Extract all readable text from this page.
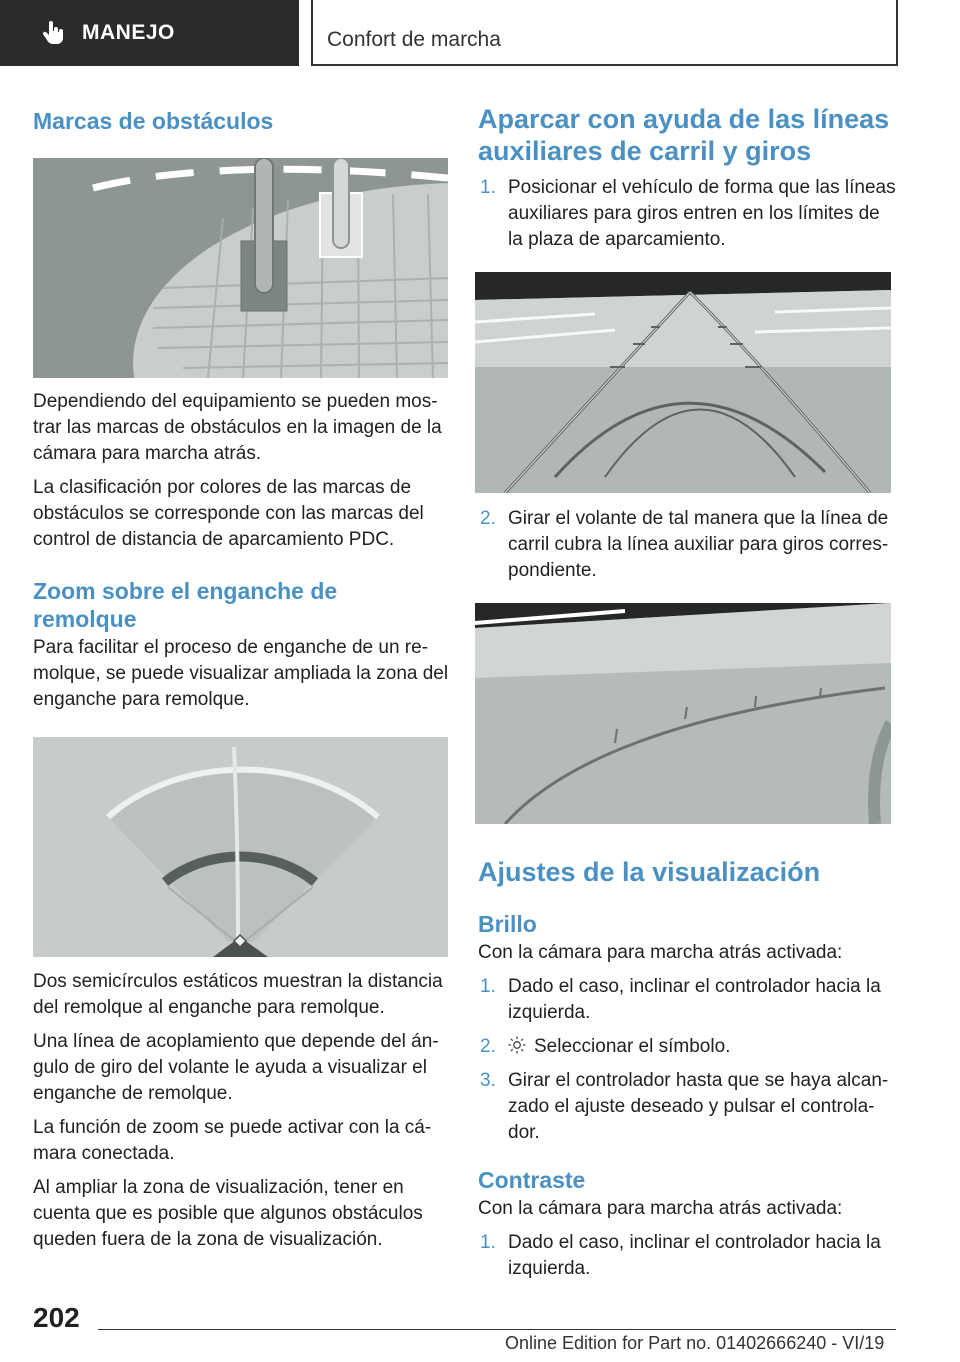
MANEJO	Confort de marcha
Marcas de obstáculos

Dependiendo del equipamiento se pueden mos‐trar las marcas de obstáculos en la imagen de la cámara para marcha atrás.

La clasificación por colores de las marcas de obstáculos se corresponde con las marcas del control de distancia de aparcamiento PDC.

Zoom sobre el enganche de
remolque

Para facilitar el proceso de enganche de un re‐molque, se puede visualizar ampliada la zona del enganche para remolque.

Dos semicírculos estáticos muestran la distancia del remolque al enganche para remolque.

Una línea de acoplamiento que depende del án‐gulo de giro del volante le ayuda a visualizar el enganche de remolque.

La función de zoom se puede activar con la cá‐mara conectada.

Al ampliar la zona de visualización, tener en cuenta que es posible que algunos obstáculos queden fuera de la zona de visualización.

Aparcar con ayuda de las líneas
auxiliares de carril y giros
1. Posicionar el vehículo de forma que las líneas auxiliares para giros entren en los límites de la plaza de aparcamiento.
2. Girar el volante de tal manera que la línea de carril cubra la línea auxiliar para giros corres‐pondiente.
Ajustes de la visualización
Brillo

Con la cámara para marcha atrás activada:

1. Dado el caso, inclinar el controlador hacia la izquierda.
2. Seleccionar el símbolo.
3. Girar el controlador hasta que se haya alcan‐zado el ajuste deseado y pulsar el controla‐dor.
Contraste

Con la cámara para marcha atrás activada:

1. Dado el caso, inclinar el controlador hacia la izquierda.
202
Online Edition for Part no. 01402666240 - VI/19
